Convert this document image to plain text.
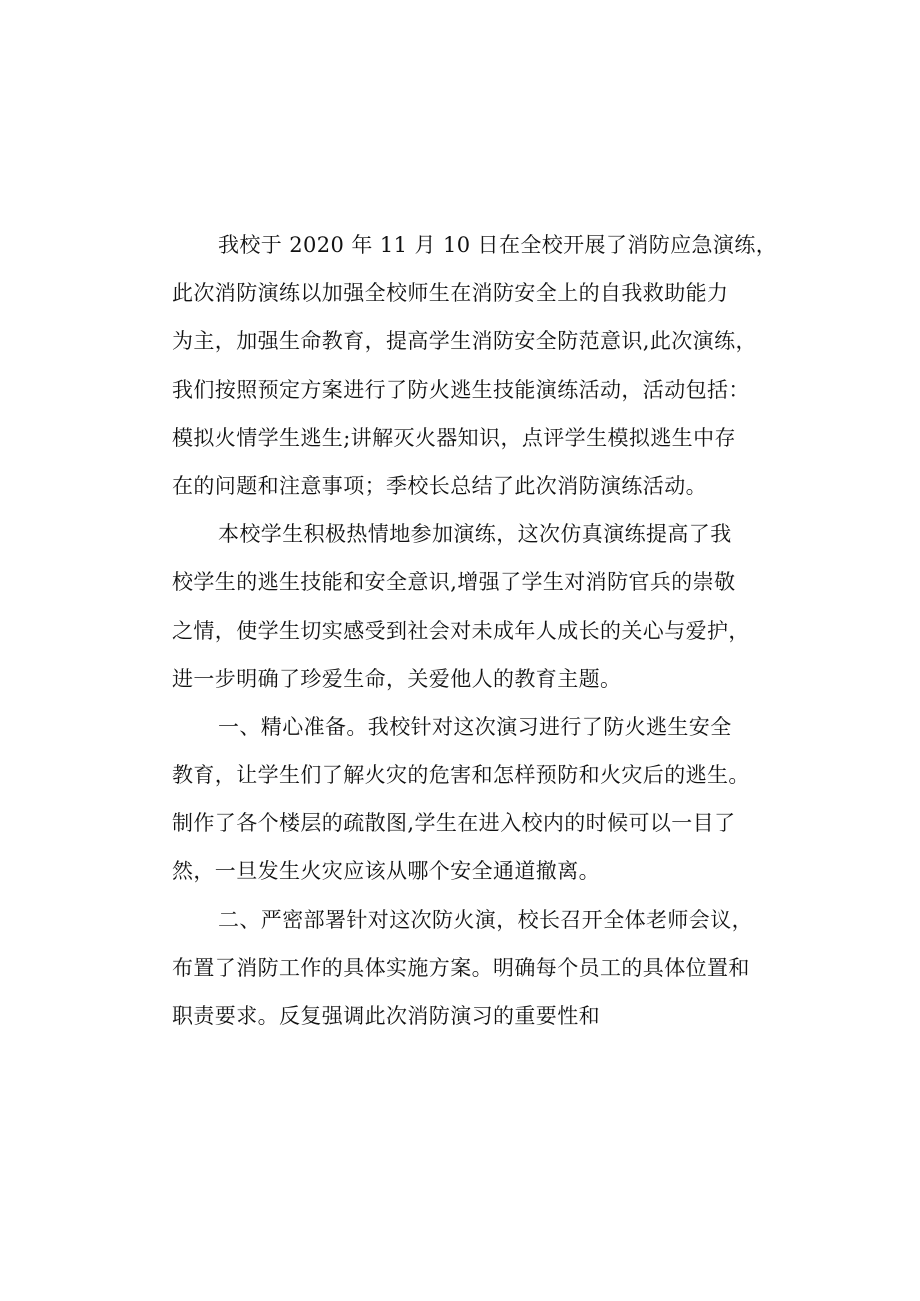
我校于 2020 年 11 月 10 日在全校开展了消防应急演练，
此次消防演练以加强全校师生在消防安全上的自我救助能力
为主，加强生命教育，提高学生消防安全防范意识,此次演练，
我们按照预定方案进行了防火逃生技能演练活动，活动包括：
模拟火情学生逃生;讲解灭火器知识，点评学生模拟逃生中存
在的问题和注意事项；季校长总结了此次消防演练活动。
本校学生积极热情地参加演练，这次仿真演练提高了我
校学生的逃生技能和安全意识,增强了学生对消防官兵的崇敬
之情，使学生切实感受到社会对未成年人成长的关心与爱护，
进一步明确了珍爱生命，关爱他人的教育主题。
一、精心准备。我校针对这次演习进行了防火逃生安全
教育，让学生们了解火灾的危害和怎样预防和火灾后的逃生。
制作了各个楼层的疏散图,学生在进入校内的时候可以一目了
然，一旦发生火灾应该从哪个安全通道撤离。
二、严密部署针对这次防火演，校长召开全体老师会议，
布置了消防工作的具体实施方案。明确每个员工的具体位置和
职责要求。反复强调此次消防演习的重要性和
